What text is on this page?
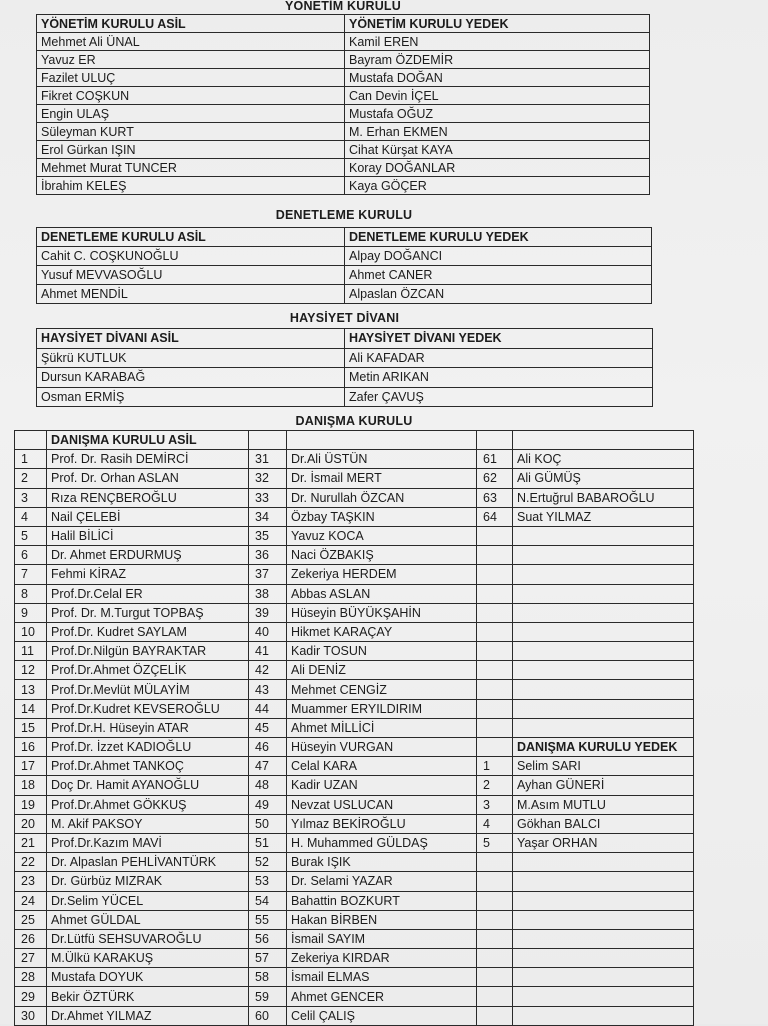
YÖNETİM KURULU
YÖNETİM KURULU ASİL	YÖNETİM KURULU YEDEK
Mehmet Ali ÜNAL	Kamil EREN
Yavuz ER	Bayram ÖZDEMİR
Fazilet ULUÇ	Mustafa DOĞAN
Fikret COŞKUN	Can Devin İÇEL
Engin ULAŞ	Mustafa OĞUZ
Süleyman KURT	M. Erhan EKMEN
Erol Gürkan IŞIN	Cihat Kürşat KAYA
Mehmet Murat TUNCER	Koray DOĞANLAR
İbrahim KELEŞ	Kaya GÖÇER
DENETLEME KURULU
DENETLEME KURULU ASİL	DENETLEME KURULU YEDEK
Cahit C. COŞKUNOĞLU	Alpay DOĞANCI
Yusuf MEVVASOĞLU	Ahmet CANER
Ahmet MENDİL	Alpaslan ÖZCAN
HAYSİYET DİVANI
HAYSİYET DİVANI ASİL	HAYSİYET DİVANI YEDEK
Şükrü KUTLUK	Ali KAFADAR
Dursun KARABAĞ	Metin ARIKAN
Osman ERMİŞ	Zafer ÇAVUŞ
DANIŞMA KURULU
	DANIŞMA KURULU ASİL				
1	Prof. Dr. Rasih DEMİRCİ	31	Dr.Ali ÜSTÜN	61	Ali KOÇ
2	Prof. Dr. Orhan ASLAN	32	Dr. İsmail MERT	62	Ali GÜMÜŞ
3	Rıza RENÇBEROĞLU	33	Dr. Nurullah ÖZCAN	63	N.Ertuğrul BABAROĞLU
4	Nail ÇELEBİ	34	Özbay TAŞKIN	64	Suat YILMAZ
5	Halil BİLİCİ	35	Yavuz KOCA		
6	Dr. Ahmet ERDURMUŞ	36	Naci ÖZBAKIŞ		
7	Fehmi KİRAZ	37	Zekeriya HERDEM		
8	Prof.Dr.Celal ER	38	Abbas ASLAN		
9	Prof. Dr. M.Turgut TOPBAŞ	39	Hüseyin BÜYÜKŞAHİN		
10	Prof.Dr. Kudret SAYLAM	40	Hikmet KARAÇAY		
11	Prof.Dr.Nilgün BAYRAKTAR	41	Kadir TOSUN		
12	Prof.Dr.Ahmet ÖZÇELİK	42	Ali DENİZ		
13	Prof.Dr.Mevlüt MÜLAYİM	43	Mehmet CENGİZ		
14	Prof.Dr.Kudret KEVSEROĞLU	44	Muammer ERYILDIRIM		
15	Prof.Dr.H. Hüseyin ATAR	45	Ahmet MİLLİCİ		
16	Prof.Dr. İzzet KADIOĞLU	46	Hüseyin VURGAN		DANIŞMA KURULU YEDEK
17	Prof.Dr.Ahmet TANKOÇ	47	Celal KARA	1	Selim SARI
18	Doç Dr. Hamit AYANOĞLU	48	Kadir UZAN	2	Ayhan GÜNERİ
19	Prof.Dr.Ahmet GÖKKUŞ	49	Nevzat USLUCAN	3	M.Asım MUTLU
20	M. Akif PAKSOY	50	Yılmaz BEKİROĞLU	4	Gökhan BALCI
21	Prof.Dr.Kazım MAVİ	51	H. Muhammed GÜLDAŞ	5	Yaşar ORHAN
22	Dr. Alpaslan PEHLİVANTÜRK	52	Burak IŞIK		
23	Dr. Gürbüz MIZRAK	53	Dr. Selami YAZAR		
24	Dr.Selim YÜCEL	54	Bahattin BOZKURT		
25	Ahmet GÜLDAL	55	Hakan BİRBEN		
26	Dr.Lütfü SEHSUVAROĞLU	56	İsmail SAYIM		
27	M.Ülkü KARAKUŞ	57	Zekeriya KIRDAR		
28	Mustafa DOYUK	58	İsmail ELMAS		
29	Bekir ÖZTÜRK	59	Ahmet GENCER		
30	Dr.Ahmet YILMAZ	60	Celil ÇALIŞ		
